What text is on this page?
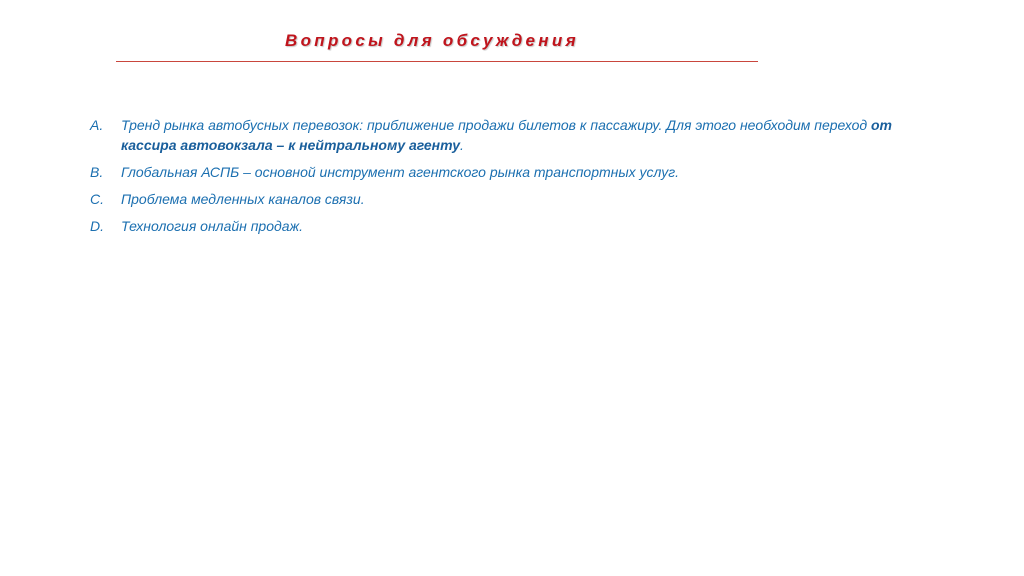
Вопросы для обсуждения
A.	Тренд рынка автобусных перевозок: приближение продажи билетов к пассажиру. Для этого необходим переход от кассира автовокзала – к нейтральному агенту.
B.	Глобальная АСПБ – основной инструмент агентского рынка транспортных услуг.
C.	Проблема медленных каналов связи.
D.	Технология онлайн продаж.
